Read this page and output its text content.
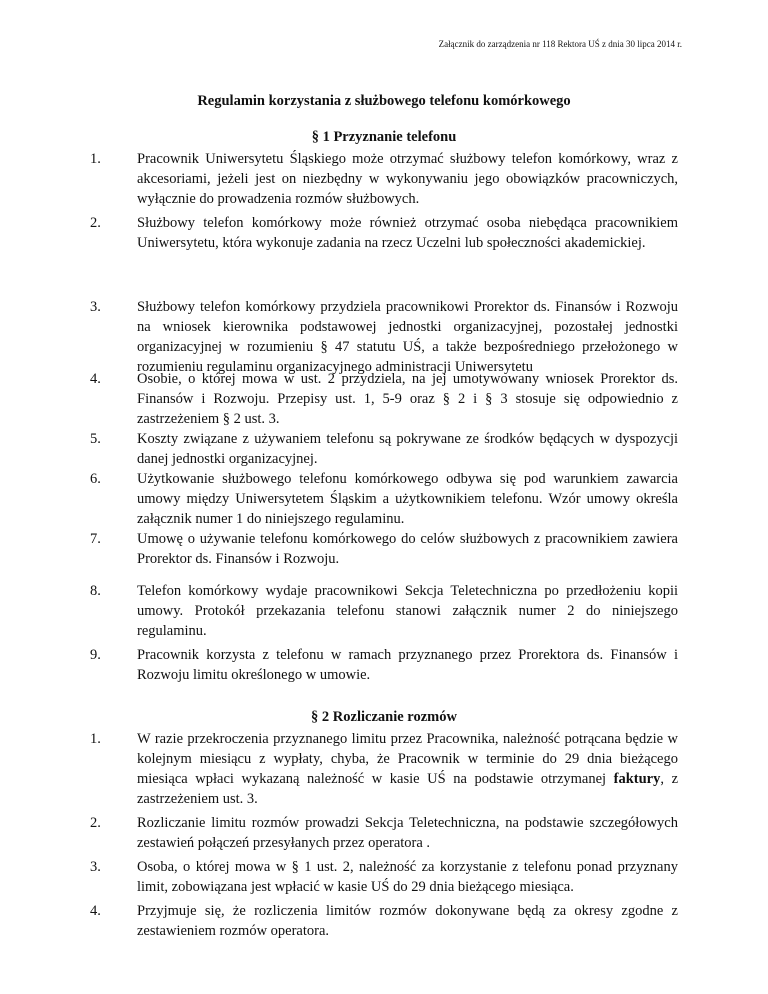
Załącznik do zarządzenia nr 118 Rektora UŚ z dnia 30 lipca 2014 r.
Regulamin korzystania z służbowego telefonu komórkowego
§ 1 Przyznanie telefonu
1.	Pracownik Uniwersytetu Śląskiego może otrzymać służbowy telefon komórkowy, wraz z akcesoriami, jeżeli jest on niezbędny w wykonywaniu jego obowiązków pracowniczych, wyłącznie do prowadzenia rozmów służbowych.
2.	Służbowy telefon komórkowy może również otrzymać osoba niebędąca pracownikiem Uniwersytetu, która wykonuje zadania na rzecz Uczelni lub społeczności akademickiej.
3.	Służbowy telefon komórkowy przydziela pracownikowi Prorektor ds. Finansów i Rozwoju na wniosek kierownika podstawowej jednostki organizacyjnej, pozostałej jednostki organizacyjnej w rozumieniu § 47 statutu UŚ, a także bezpośredniego przełożonego w rozumieniu regulaminu organizacyjnego administracji Uniwersytetu
4.	Osobie, o której mowa w ust. 2 przydziela, na jej umotywowany wniosek Prorektor ds. Finansów i Rozwoju. Przepisy ust. 1, 5-9 oraz § 2 i § 3 stosuje się odpowiednio z zastrzeżeniem § 2 ust. 3.
5.	Koszty związane z używaniem telefonu są pokrywane ze środków będących w dyspozycji danej jednostki organizacyjnej.
6.	Użytkowanie służbowego telefonu komórkowego odbywa się pod warunkiem zawarcia umowy między Uniwersytetem Śląskim a użytkownikiem telefonu. Wzór umowy określa załącznik numer 1 do niniejszego regulaminu.
7.	Umowę o używanie telefonu komórkowego do celów służbowych z pracownikiem zawiera Prorektor ds. Finansów i Rozwoju.
8.	Telefon komórkowy wydaje pracownikowi Sekcja Teletechniczna po przedłożeniu kopii umowy. Protokół przekazania telefonu stanowi załącznik numer 2 do niniejszego regulaminu.
9.	Pracownik korzysta z telefonu w ramach przyznanego przez Prorektora ds. Finansów i Rozwoju limitu określonego w umowie.
§ 2 Rozliczanie rozmów
1.	W razie przekroczenia przyznanego limitu przez Pracownika, należność potrącana będzie w kolejnym miesiącu z wypłaty, chyba, że Pracownik w terminie do 29 dnia bieżącego miesiąca wpłaci wykazaną należność w kasie UŚ na podstawie otrzymanej faktury, z zastrzeżeniem ust. 3.
2.	Rozliczanie limitu rozmów prowadzi Sekcja Teletechniczna, na podstawie szczegółowych zestawień połączeń przesyłanych przez operatora .
3.	Osoba, o której mowa w § 1 ust. 2, należność za korzystanie z telefonu ponad przyznany limit, zobowiązana jest wpłacić w kasie UŚ do 29 dnia bieżącego miesiąca.
4.	Przyjmuje się, że rozliczenia limitów rozmów dokonywane będą za okresy zgodne z zestawieniem rozmów operatora.
